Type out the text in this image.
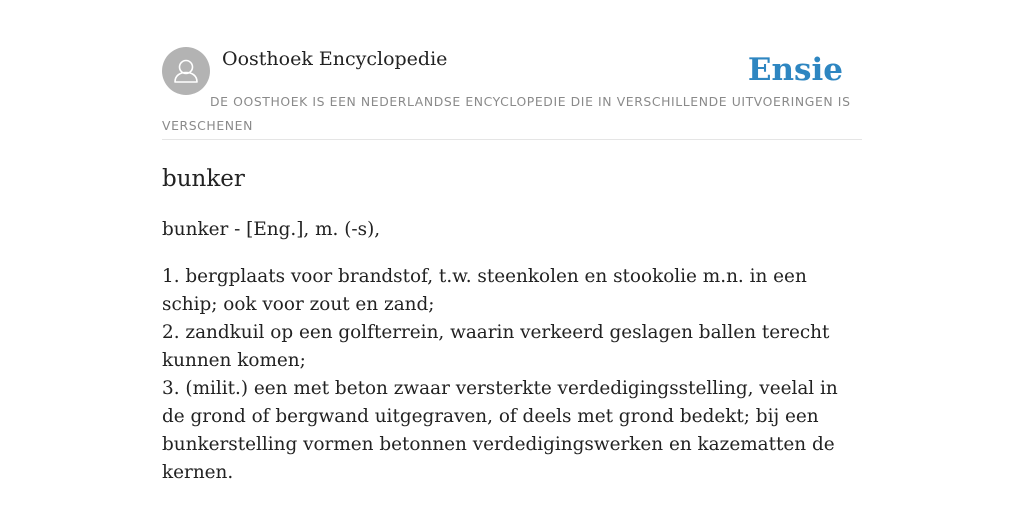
Oosthoek Encyclopedie	Ensie
DE OOSTHOEK IS EEN NEDERLANDSE ENCYCLOPEDIE DIE IN VERSCHILLENDE UITVOERINGEN IS VERSCHENEN
bunker

bunker - [Eng.], m. (-s),

1. bergplaats voor brandstof, t.w. steenkolen en stookolie m.n. in een schip; ook voor zout en zand;
2. zandkuil op een golfterrein, waarin verkeerd geslagen ballen terecht kunnen komen;
3. (milit.) een met beton zwaar versterkte verdedigingsstelling, veelal in de grond of bergwand uitgegraven, of deels met grond bedekt; bij een bunkerstelling vormen betonnen verdedigingswerken en kazematten de kernen.
